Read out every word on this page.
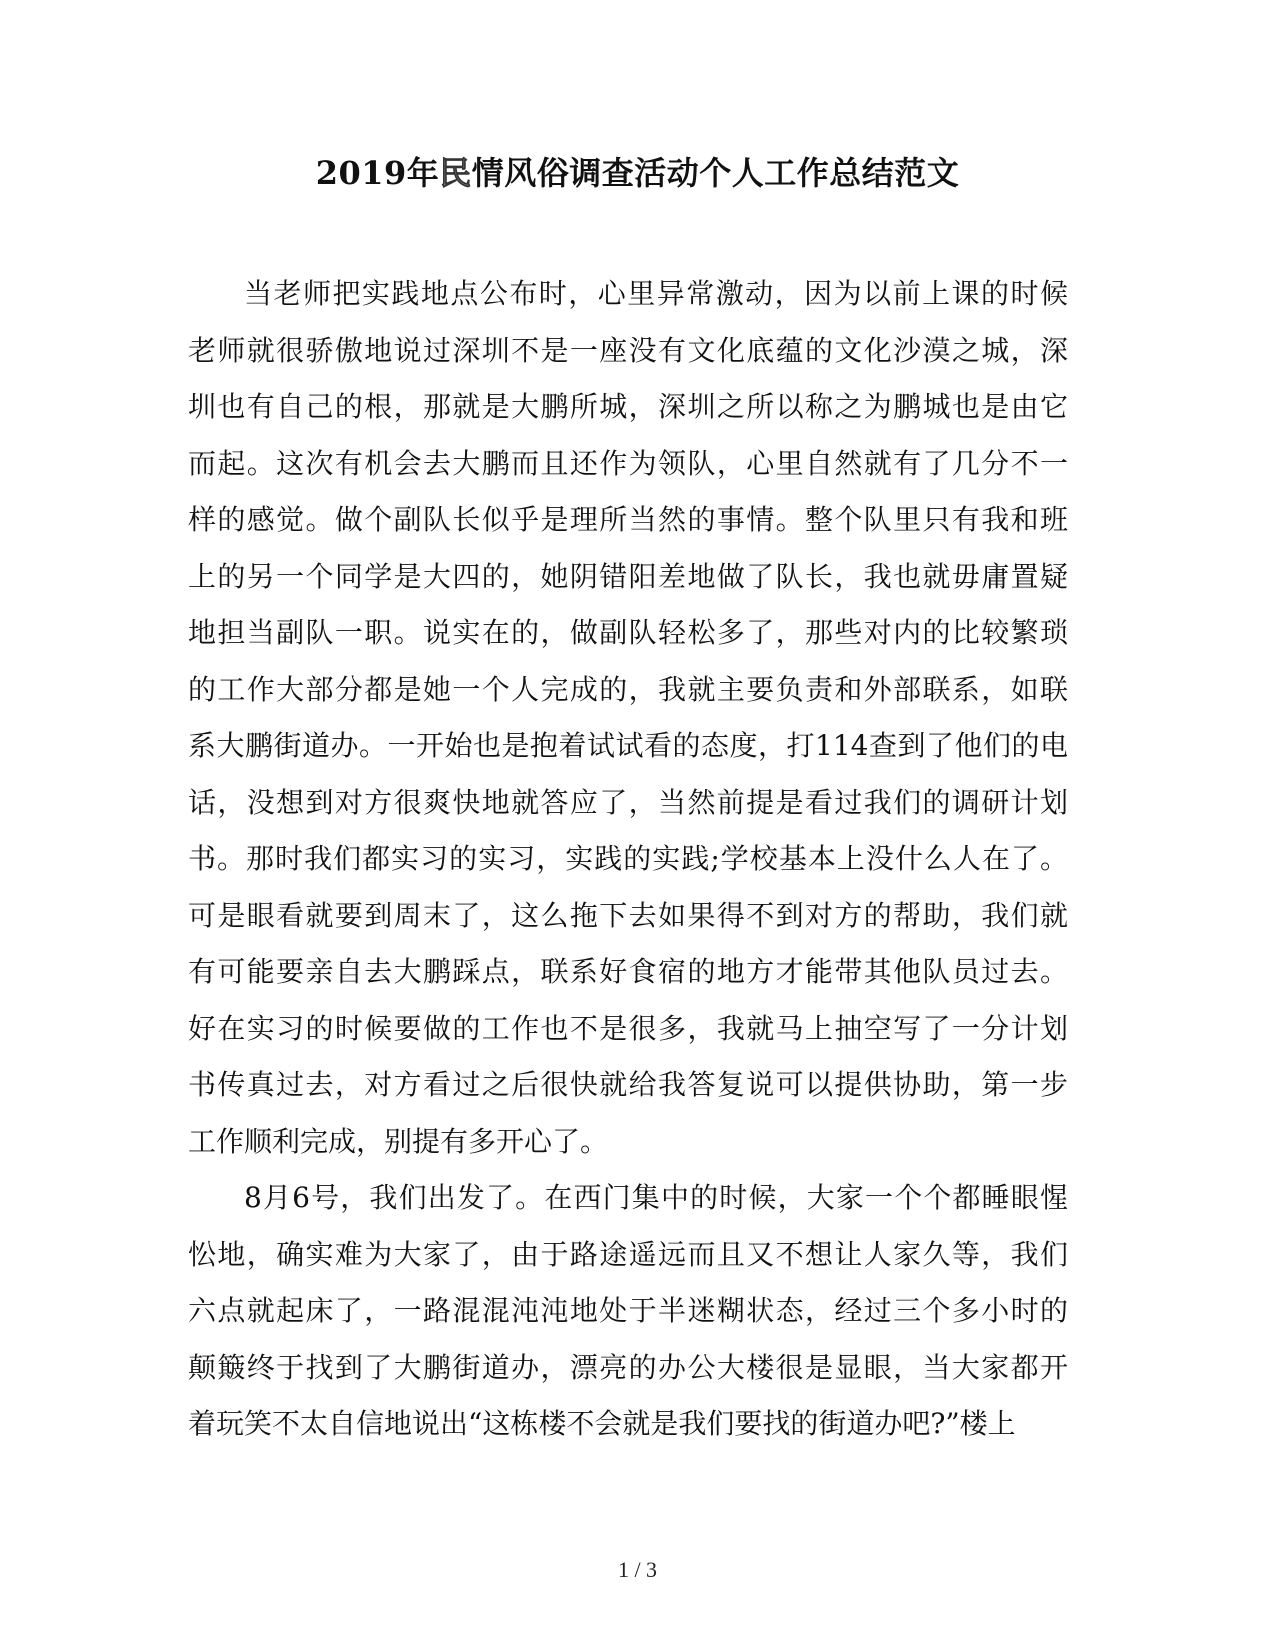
2019年民情风俗调查活动个人工作总结范文
当老师把实践地点公布时，心里异常激动，因为以前上课的时候
老师就很骄傲地说过深圳不是一座没有文化底蕴的文化沙漠之城，深
圳也有自己的根，那就是大鹏所城，深圳之所以称之为鹏城也是由它
而起。这次有机会去大鹏而且还作为领队，心里自然就有了几分不一
样的感觉。做个副队长似乎是理所当然的事情。整个队里只有我和班
上的另一个同学是大四的，她阴错阳差地做了队长，我也就毋庸置疑
地担当副队一职。说实在的，做副队轻松多了，那些对内的比较繁琐
的工作大部分都是她一个人完成的，我就主要负责和外部联系，如联
系大鹏街道办。一开始也是抱着试试看的态度，打114查到了他们的电
话，没想到对方很爽快地就答应了，当然前提是看过我们的调研计划
书。那时我们都实习的实习，实践的实践;学校基本上没什么人在了。
可是眼看就要到周末了，这么拖下去如果得不到对方的帮助，我们就
有可能要亲自去大鹏踩点，联系好食宿的地方才能带其他队员过去。
好在实习的时候要做的工作也不是很多，我就马上抽空写了一分计划
书传真过去，对方看过之后很快就给我答复说可以提供协助，第一步
工作顺利完成，别提有多开心了。
8月6号，我们出发了。在西门集中的时候，大家一个个都睡眼惺
忪地，确实难为大家了，由于路途遥远而且又不想让人家久等，我们
六点就起床了，一路混混沌沌地处于半迷糊状态，经过三个多小时的
颠簸终于找到了大鹏街道办，漂亮的办公大楼很是显眼，当大家都开
着玩笑不太自信地说出“这栋楼不会就是我们要找的街道办吧?”楼上
1 / 3
